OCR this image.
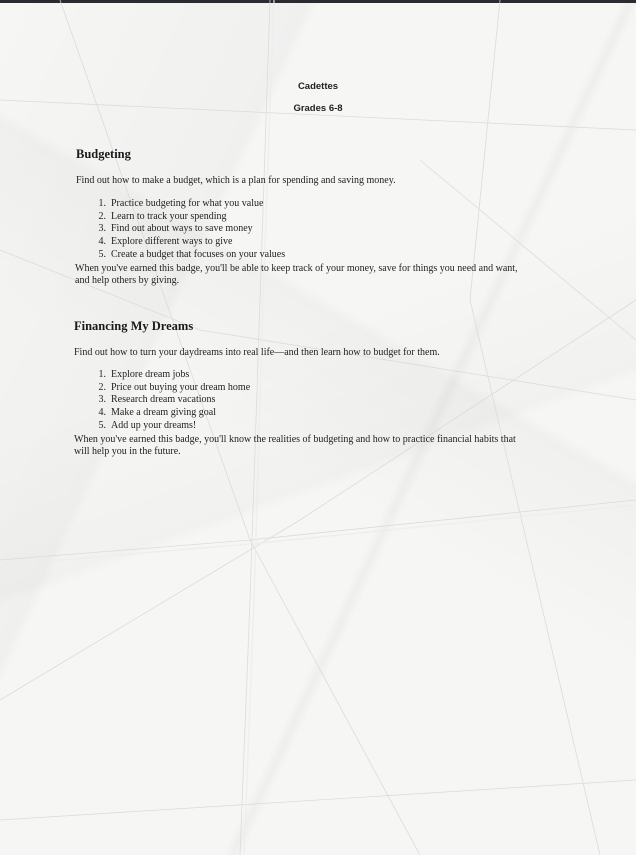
Cadettes
Grades 6-8
Budgeting
Find out how to make a budget, which is a plan for spending and saving money.
1. Practice budgeting for what you value
2. Learn to track your spending
3. Find out about ways to save money
4. Explore different ways to give
5. Create a budget that focuses on your values
When you've earned this badge, you'll be able to keep track of your money, save for things you need and want,
and help others by giving.
Financing My Dreams
Find out how to turn your daydreams into real life—and then learn how to budget for them.
1. Explore dream jobs
2. Price out buying your dream home
3. Research dream vacations
4. Make a dream giving goal
5. Add up your dreams!
When you've earned this badge, you'll know the realities of budgeting and how to practice financial habits that
will help you in the future.
